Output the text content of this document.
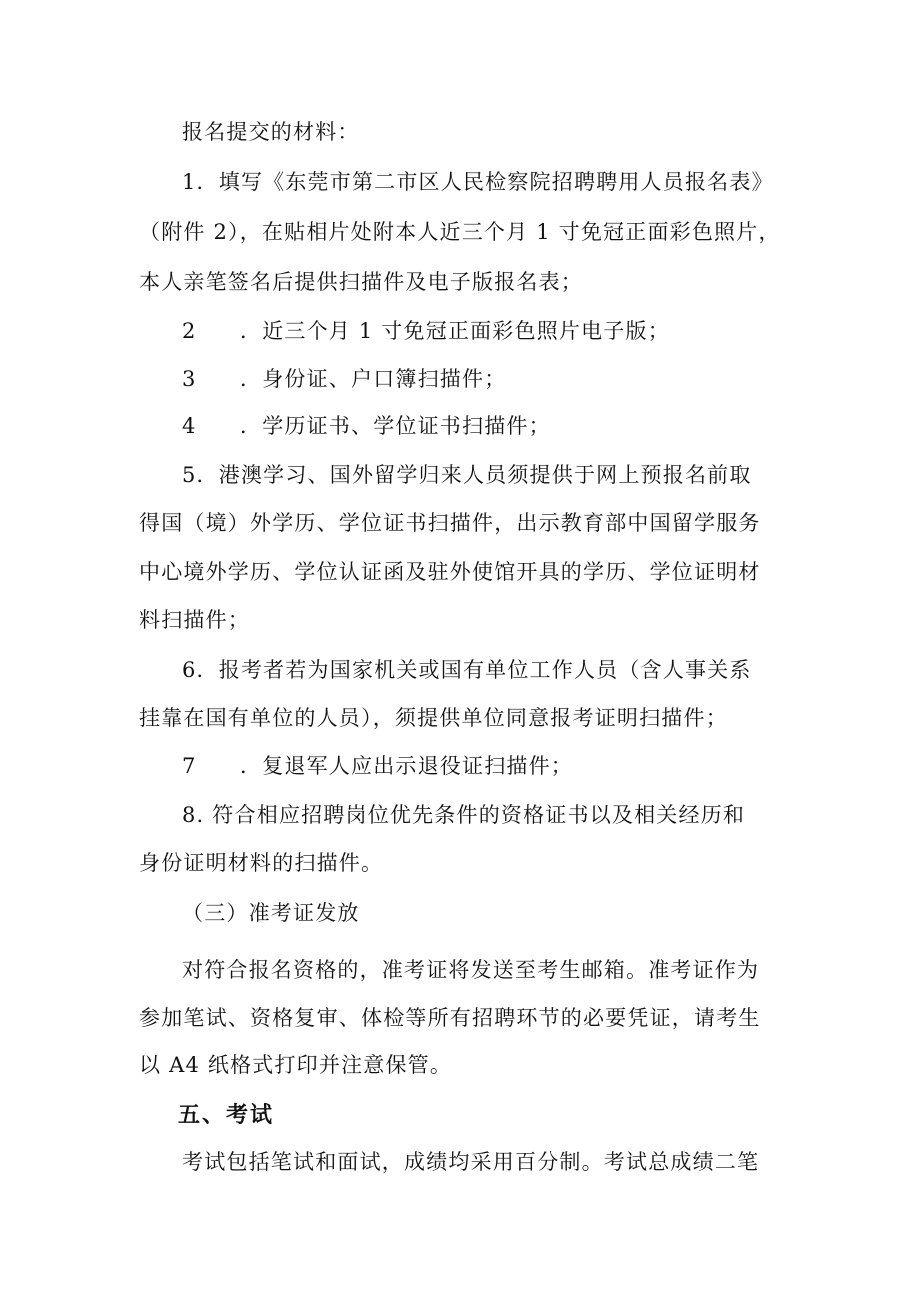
报名提交的材料：
1．填写《东莞市第二市区人民检察院招聘聘用人员报名表》
（附件 2），在贴相片处附本人近三个月 1 寸免冠正面彩色照片，
本人亲笔签名后提供扫描件及电子版报名表；
2 ．近三个月 1 寸免冠正面彩色照片电子版；
3 ．身份证、户口簿扫描件；
4 ．学历证书、学位证书扫描件；
5．港澳学习、国外留学归来人员须提供于网上预报名前取
得国（境）外学历、学位证书扫描件，出示教育部中国留学服务
中心境外学历、学位认证函及驻外使馆开具的学历、学位证明材
料扫描件；
6．报考者若为国家机关或国有单位工作人员（含人事关系
挂靠在国有单位的人员），须提供单位同意报考证明扫描件；
7 ．复退军人应出示退役证扫描件；
8. 符合相应招聘岗位优先条件的资格证书以及相关经历和
身份证明材料的扫描件。
（三）准考证发放
对符合报名资格的，准考证将发送至考生邮箱。准考证作为
参加笔试、资格复审、体检等所有招聘环节的必要凭证，请考生
以 A4 纸格式打印并注意保管。
五、考试
考试包括笔试和面试，成绩均采用百分制。考试总成绩二笔
